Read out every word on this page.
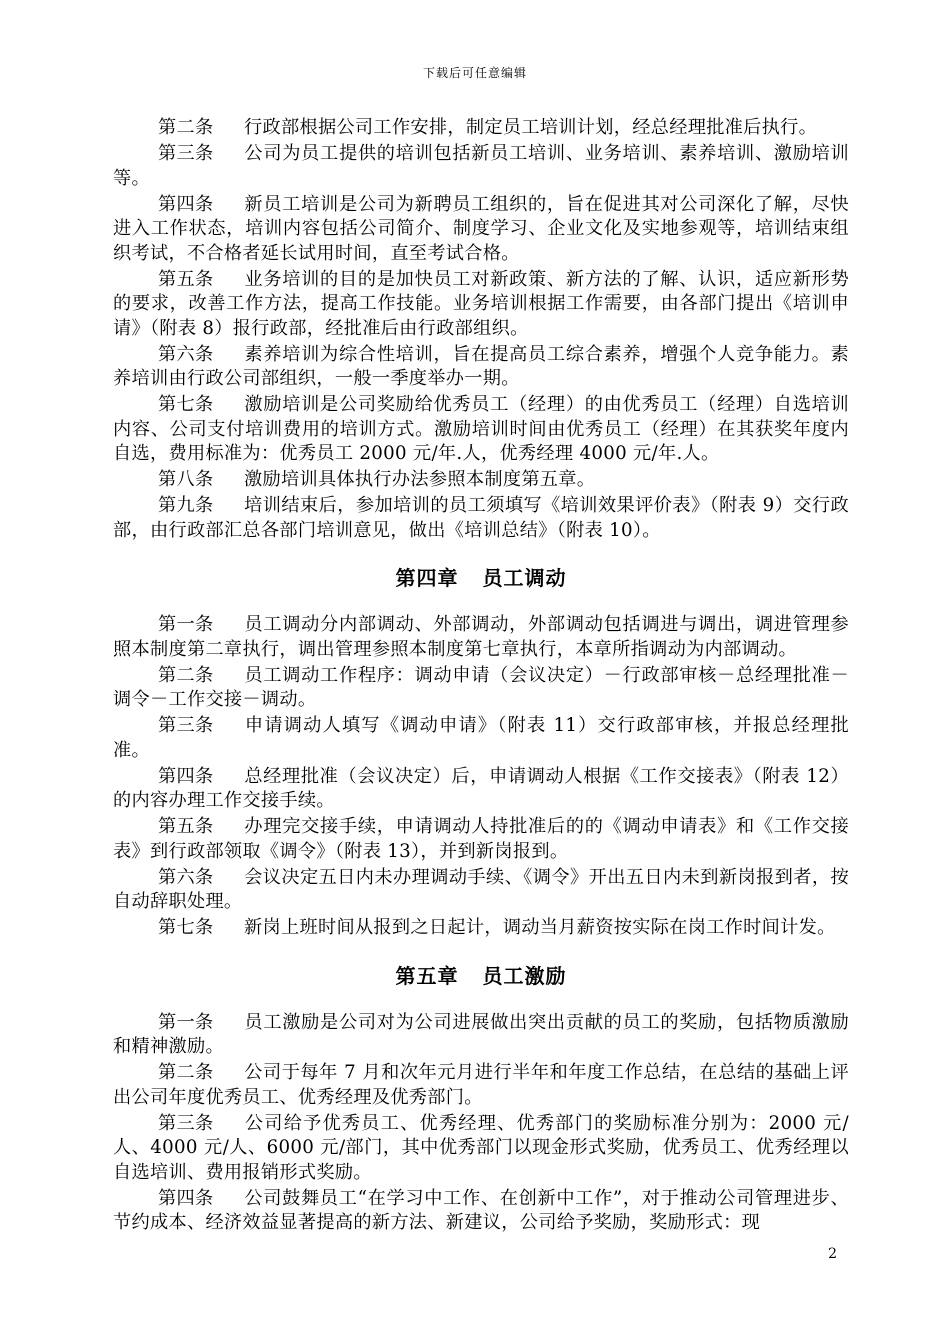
下载后可任意编辑

第二条 行政部根据公司工作安排，制定员工培训计划，经总经理批准后执行。

第三条 公司为员工提供的培训包括新员工培训、业务培训、素养培训、激励培训等。

第四条 新员工培训是公司为新聘员工组织的，旨在促进其对公司深化了解，尽快进入工作状态，培训内容包括公司简介、制度学习、企业文化及实地参观等，培训结束组织考试，不合格者延长试用时间，直至考试合格。

第五条 业务培训的目的是加快员工对新政策、新方法的了解、认识，适应新形势的要求，改善工作方法，提高工作技能。业务培训根据工作需要，由各部门提出《培训申请》（附表 8）报行政部，经批准后由行政部组织。

第六条 素养培训为综合性培训，旨在提高员工综合素养，增强个人竞争能力。素养培训由行政公司部组织，一般一季度举办一期。

第七条 激励培训是公司奖励给优秀员工（经理）的由优秀员工（经理）自选培训内容、公司支付培训费用的培训方式。激励培训时间由优秀员工（经理）在其获奖年度内自选，费用标准为：优秀员工 2000 元/年.人，优秀经理 4000 元/年.人。

第八条 激励培训具体执行办法参照本制度第五章。

第九条 培训结束后，参加培训的员工须填写《培训效果评价表》（附表 9）交行政部，由行政部汇总各部门培训意见，做出《培训总结》（附表 10）。

第四章 员工调动

第一条 员工调动分内部调动、外部调动，外部调动包括调进与调出，调进管理参照本制度第二章执行，调出管理参照本制度第七章执行，本章所指调动为内部调动。

第二条 员工调动工作程序：调动申请（会议决定）－行政部审核－总经理批准－调令－工作交接－调动。

第三条 申请调动人填写《调动申请》（附表 11）交行政部审核，并报总经理批准。

第四条 总经理批准（会议决定）后，申请调动人根据《工作交接表》（附表 12）的内容办理工作交接手续。

第五条 办理完交接手续，申请调动人持批准后的的《调动申请表》和《工作交接表》到行政部领取《调令》（附表 13），并到新岗报到。

第六条 会议决定五日内未办理调动手续、《调令》开出五日内未到新岗报到者，按自动辞职处理。

第七条 新岗上班时间从报到之日起计，调动当月薪资按实际在岗工作时间计发。

第五章 员工激励

第一条 员工激励是公司对为公司进展做出突出贡献的员工的奖励，包括物质激励和精神激励。

第二条 公司于每年 7 月和次年元月进行半年和年度工作总结，在总结的基础上评出公司年度优秀员工、优秀经理及优秀部门。

第三条 公司给予优秀员工、优秀经理、优秀部门的奖励标准分别为：2000 元/人、4000 元/人、6000 元/部门，其中优秀部门以现金形式奖励，优秀员工、优秀经理以自选培训、费用报销形式奖励。

第四条 公司鼓舞员工“在学习中工作、在创新中工作”，对于推动公司管理进步、节约成本、经济效益显著提高的新方法、新建议，公司给予奖励，奖励形式：现

2
